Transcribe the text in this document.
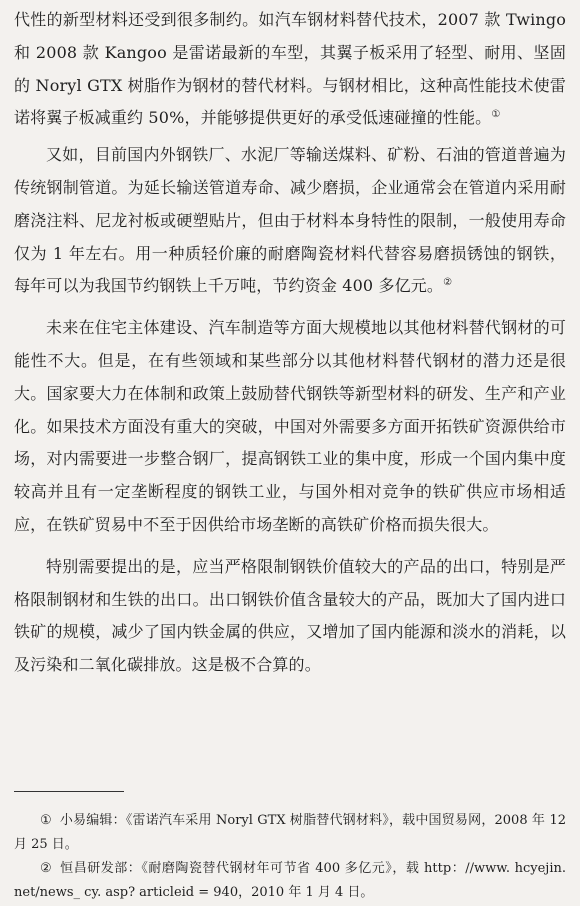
代性的新型材料还受到很多制约。如汽车钢材料替代技术，2007 款 Twingo 和 2008 款 Kangoo 是雷诺最新的车型，其翼子板采用了轻型、耐用、坚固的 Noryl GTX 树脂作为钢材的替代材料。与钢材相比，这种高性能技术使雷诺将翼子板减重约 50%，并能够提供更好的承受低速碰撞的性能。①

又如，目前国内外钢铁厂、水泥厂等输送煤料、矿粉、石油的管道普遍为传统钢制管道。为延长输送管道寿命、减少磨损，企业通常会在管道内采用耐磨浇注料、尼龙衬板或硬塑贴片，但由于材料本身特性的限制，一般使用寿命仅为 1 年左右。用一种质轻价廉的耐磨陶瓷材料代替容易磨损锈蚀的钢铁，每年可以为我国节约钢铁上千万吨，节约资金 400 多亿元。②

未来在住宅主体建设、汽车制造等方面大规模地以其他材料替代钢材的可能性不大。但是，在有些领域和某些部分以其他材料替代钢材的潜力还是很大。国家要大力在体制和政策上鼓励替代钢铁等新型材料的研发、生产和产业化。如果技术方面没有重大的突破，中国对外需要多方面开拓铁矿资源供给市场，对内需要进一步整合钢厂，提高钢铁工业的集中度，形成一个国内集中度较高并且有一定垄断程度的钢铁工业，与国外相对竞争的铁矿供应市场相适应，在铁矿贸易中不至于因供给市场垄断的高铁矿价格而损失很大。

特别需要提出的是，应当严格限制钢铁价值较大的产品的出口，特别是严格限制钢材和生铁的出口。出口钢铁价值含量较大的产品，既加大了国内进口铁矿的规模，减少了国内铁金属的供应，又增加了国内能源和淡水的消耗，以及污染和二氧化碳排放。这是极不合算的。

① 小易编辑：《雷诺汽车采用 Noryl GTX 树脂替代钢材料》，载中国贸易网，2008 年 12 月 25 日。

② 恒昌研发部：《耐磨陶瓷替代钢材年可节省 400 多亿元》，载 http：//www. hcyejin. net/news_ cy. asp? articleid = 940，2010 年 1 月 4 日。
